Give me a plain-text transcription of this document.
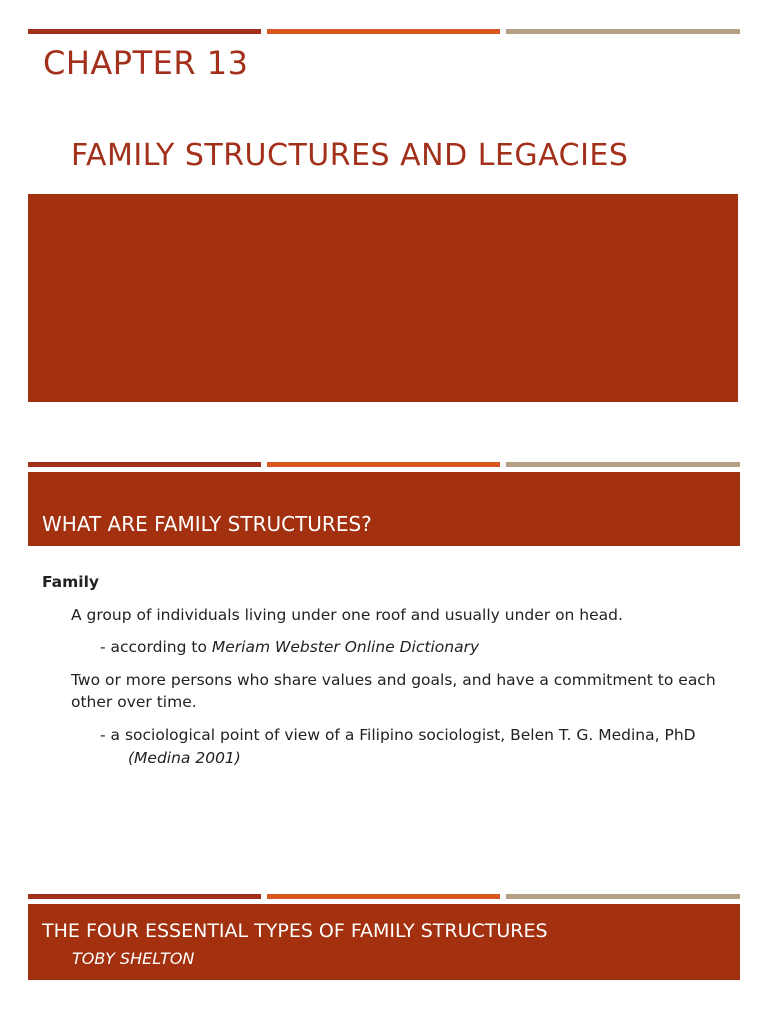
CHAPTER 13
FAMILY STRUCTURES AND LEGACIES
WHAT ARE FAMILY STRUCTURES?
Family
A group of individuals living under one roof and usually under on head.
- according to Meriam Webster Online Dictionary
Two or more persons who share values and goals, and have a commitment to each
other over time.
- a sociological point of view of a Filipino sociologist, Belen T. G. Medina, PhD
(Medina 2001)
THE FOUR ESSENTIAL TYPES OF FAMILY STRUCTURES
TOBY SHELTON
